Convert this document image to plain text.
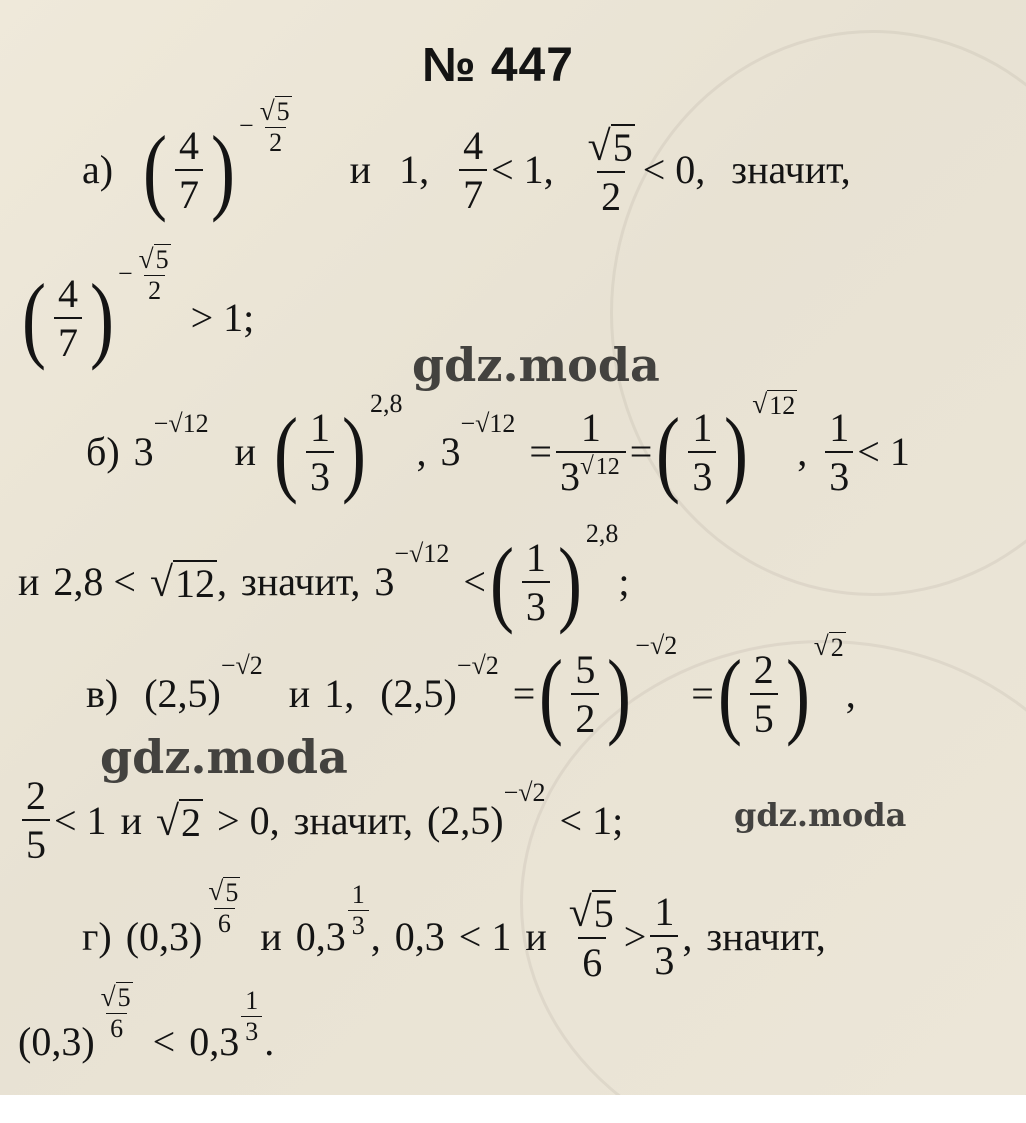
№ 447
а) ( $\frac{4}{7}$ ) − $\frac{√ 5}{2}$
и 1 , $\frac{4}{7} < 1$, $\frac{√ 5}{2} < 0$, значит,
( $\frac{4}{7}$ ) − $\frac{√ 5}{2}$
> 1;
б) 3
−√12
и ( $\frac{1}{3}$ ) 2,8
, 3
−√12
= $\frac{1}{3 √ 12}$ = ( $\frac{1}{3}$ ) √ 12
, $\frac{1}{3} < 1$
и 2,8 < √ 12 , значит, 3
−√12
< ( $\frac{1}{3}$ ) 2,8
;
в) (2,5)
−√2
и 1 , (2,5)
−√2
= ( $\frac{5}{2}$ ) −√2
= ( $\frac{2}{5}$ ) √ 2
,
$\frac{2}{5} < 1$ и √ 2 > 0, значит, (2,5)
−√2
< 1;
г) $(0,3) \frac{√ 5}{6}$ и $0,3 \frac{1}{3}$ , 0,3 < 1 и $\frac{√ 5}{6} > \frac{1}{3}$ , значит,
$(0,3) \frac{√ 5}{6} < 0,3 \frac{1}{3}$ .
gdz.moda
gdz.moda
gdz.moda
